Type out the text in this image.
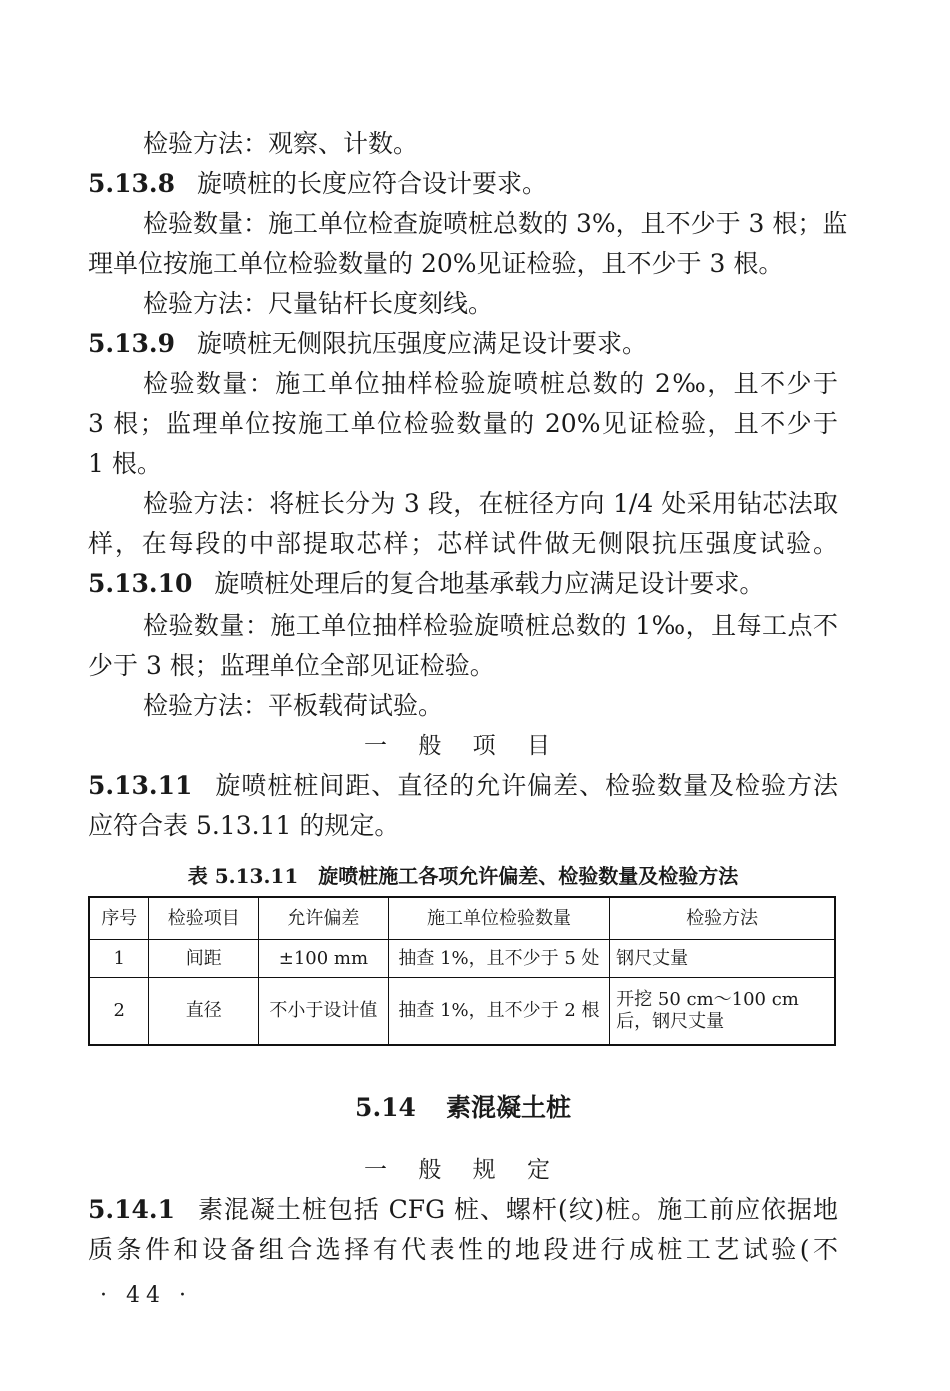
检验方法：观察、计数。
5.13.8 旋喷桩的长度应符合设计要求。
检验数量：施工单位检查旋喷桩总数的 3%，且不少于 3 根；监
理单位按施工单位检验数量的 20%见证检验，且不少于 3 根。
检验方法：尺量钻杆长度刻线。
5.13.9 旋喷桩无侧限抗压强度应满足设计要求。
检验数量：施工单位抽样检验旋喷桩总数的 2‰，且不少于
3 根；监理单位按施工单位检验数量的 20%见证检验，且不少于
1 根。
检验方法：将桩长分为 3 段，在桩径方向 1/4 处采用钻芯法取
样，在每段的中部提取芯样；芯样试件做无侧限抗压强度试验。
5.13.10 旋喷桩处理后的复合地基承载力应满足设计要求。
检验数量：施工单位抽样检验旋喷桩总数的 1‰，且每工点不
少于 3 根；监理单位全部见证检验。
检验方法：平板载荷试验。
一 般 项 目
5.13.11 旋喷桩桩间距、直径的允许偏差、检验数量及检验方法
应符合表 5.13.11 的规定。
表 5.13.11　旋喷桩施工各项允许偏差、检验数量及检验方法
序号	检验项目	允许偏差	施工单位检验数量	检验方法
1	间距	±100 mm	抽查 1%，且不少于 5 处	钢尺丈量
2	直径	不小于设计值	抽查 1%，且不少于 2 根	开挖 50 cm～100 cm 后，钢尺丈量
5.14 素混凝土桩
一 般 规 定
5.14.1 素混凝土桩包括 CFG 桩、螺杆(纹)桩。施工前应依据地
质条件和设备组合选择有代表性的地段进行成桩工艺试验(不
· 44 ·
